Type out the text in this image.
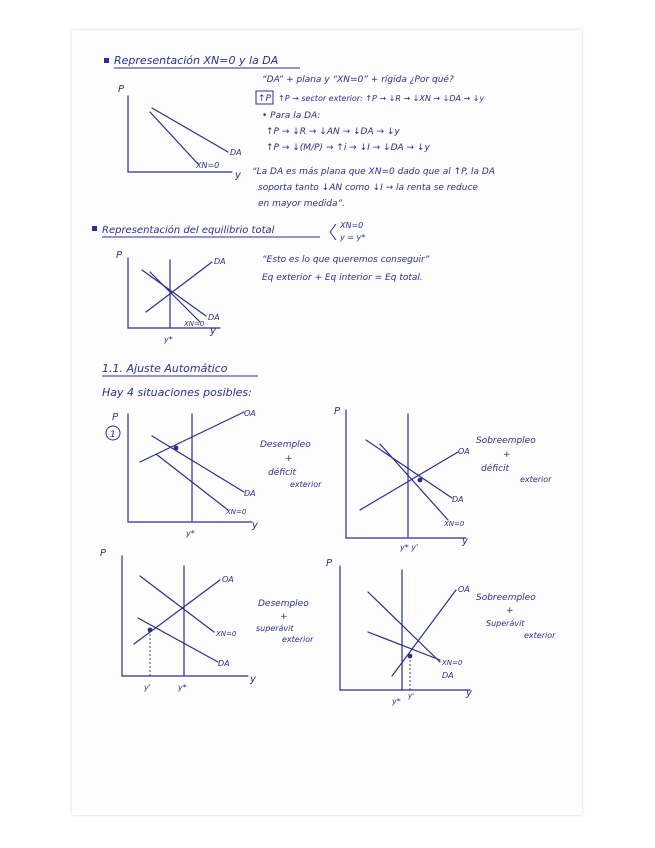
Representación XN=0 y la DA
P
DA
XN=0
y
“DA” + plana y “XN=0” + rígida ¿Por qué?
↑P ↑P → sector exterior: ↑P → ↓R → ↓XN → ↓DA → ↓y
• Para la DA:
↑P → ↓R → ↓AN → ↓DA → ↓y
↑P → ↓(M/P) → ↑i → ↓I → ↓DA → ↓y
“La DA es más plana que XN=0 dado que al ↑P, la DA
soporta tanto ↓AN como ↓I → la renta se reduce
en mayor medida”.
Representación del equilibrio total	XN=0
y = y*
P
DA
DA
XN=0
y
y*
“Esto es lo que queremos conseguir”
Eq exterior + Eq interior = Eq total.
1.1. Ajuste Automático
Hay 4 situaciones posibles:
1
P	OA
DA
XN=0
y
y*
Desempleo
+
déficit
exterior
P
OA
DA
XN=0
y
y* y'
Sobreempleo
+
déficit
exterior
P
OA
DA
XN=0
y
y'	y*
Desempleo
+
superávit
exterior
P
OA
XN=0
DA
y
y*
y'
Sobreempleo
+
Superávit
exterior
